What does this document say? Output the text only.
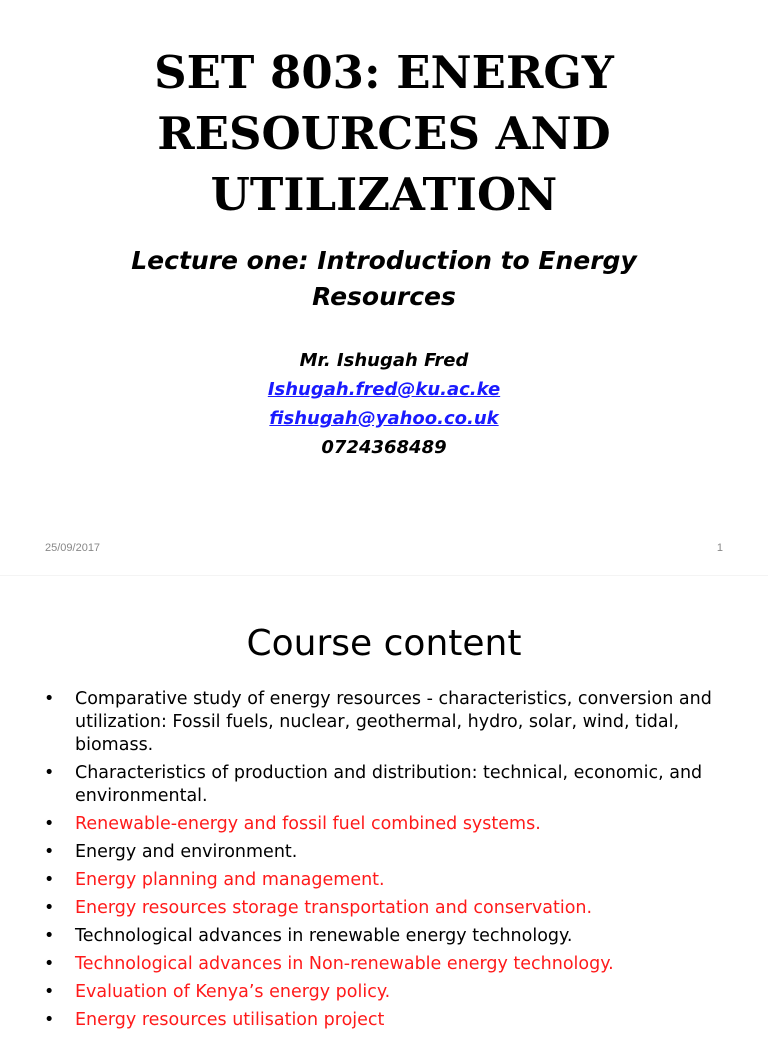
SET 803: ENERGY
RESOURCES AND
UTILIZATION
Lecture one: Introduction to Energy
Resources
Mr. Ishugah Fred
Ishugah.fred@ku.ac.ke
fishugah@yahoo.co.uk
0724368489
25/09/2017	1
Course content
• Comparative study of energy resources - characteristics, conversion and utilization: Fossil fuels, nuclear, geothermal, hydro, solar, wind, tidal, biomass.
• Characteristics of production and distribution: technical, economic, and environmental.
• Renewable-energy and fossil fuel combined systems.
• Energy and environment.
• Energy planning and management.
• Energy resources storage transportation and conservation.
• Technological advances in renewable energy technology.
• Technological advances in Non-renewable energy technology.
• Evaluation of Kenya’s energy policy.
• Energy resources utilisation project
